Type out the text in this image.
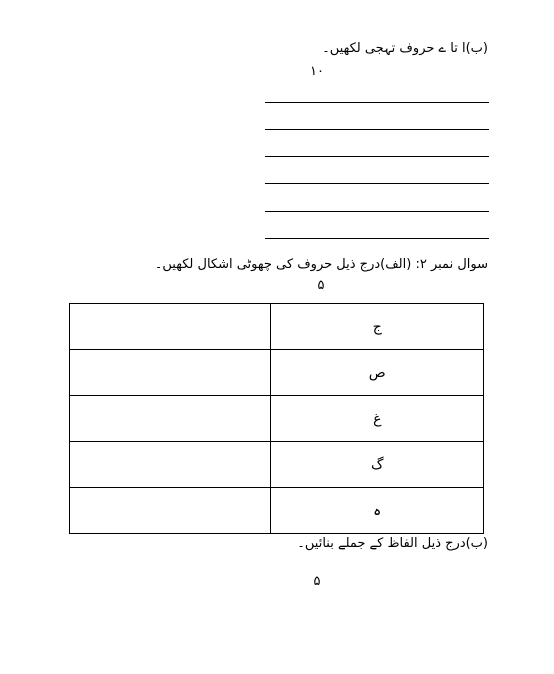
(ب)ا تا ے حروف تہجی لکھیں۔
۱۰
سوال نمبر ۲: (الف)درج ذیل حروف کی چھوٹی اشکال لکھیں۔
۵
	ج
	ص
	غ
	گ
	ہ
(ب)درج ذیل الفاظ کے جملے بنائیں۔
۵
